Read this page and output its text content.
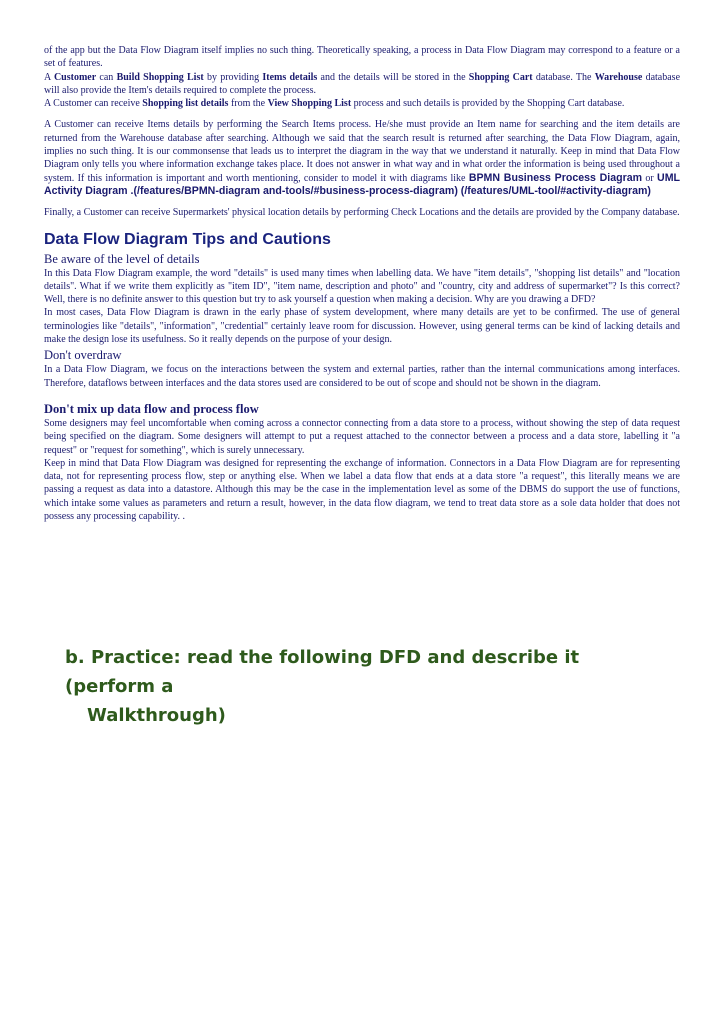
of the app but the Data Flow Diagram itself implies no such thing. Theoretically speaking, a process in Data Flow Diagram may correspond to a feature or a set of features.

A Customer can Build Shopping List by providing Items details and the details will be stored in the Shopping Cart database. The Warehouse database will also provide the Item's details required to complete the process.

A Customer can receive Shopping list details from the View Shopping List process and such details is provided by the Shopping Cart database.

A Customer can receive Items details by performing the Search Items process. He/she must provide an Item name for searching and the item details are returned from the Warehouse database after searching. Although we said that the search result is returned after searching, the Data Flow Diagram, again, implies no such thing. It is our commonsense that leads us to interpret the diagram in the way that we understand it naturally. Keep in mind that Data Flow Diagram only tells you where information exchange takes place. It does not answer in what way and in what order the information is being used throughout a system. If this information is important and worth mentioning, consider to model it with diagrams like BPMN Business Process Diagram or UML Activity Diagram .(/features/BPMN-diagram and-tools/#business-process-diagram) (/features/UML-tool/#activity-diagram)

Finally, a Customer can receive Supermarkets' physical location details by performing Check Locations and the details are provided by the Company database.

Data Flow Diagram Tips and Cautions
Be aware of the level of details

In this Data Flow Diagram example, the word "details" is used many times when labelling data. We have "item details", "shopping list details" and "location details". What if we write them explicitly as "item ID", "item name, description and photo" and "country, city and address of supermarket"? Is this correct? Well, there is no definite answer to this question but try to ask yourself a question when making a decision. Why are you drawing a DFD?

In most cases, Data Flow Diagram is drawn in the early phase of system development, where many details are yet to be confirmed. The use of general terminologies like "details", "information", "credential" certainly leave room for discussion. However, using general terms can be kind of lacking details and make the design lose its usefulness. So it really depends on the purpose of your design.

Don't overdraw

In a Data Flow Diagram, we focus on the interactions between the system and external parties, rather than the internal communications among interfaces. Therefore, dataflows between interfaces and the data stores used are considered to be out of scope and should not be shown in the diagram.

Don't mix up data flow and process flow

Some designers may feel uncomfortable when coming across a connector connecting from a data store to a process, without showing the step of data request being specified on the diagram. Some designers will attempt to put a request attached to the connector between a process and a data store, labelling it "a request" or "request for something", which is surely unnecessary.

Keep in mind that Data Flow Diagram was designed for representing the exchange of information. Connectors in a Data Flow Diagram are for representing data, not for representing process flow, step or anything else. When we label a data flow that ends at a data store "a request", this literally means we are passing a request as data into a datastore. Although this may be the case in the implementation level as some of the DBMS do support the use of functions, which intake some values as parameters and return a result, however, in the data flow diagram, we tend to treat data store as a sole data holder that does not possess any processing capability. .

b. Practice: read the following DFD and describe it (perform a
Walkthrough)
